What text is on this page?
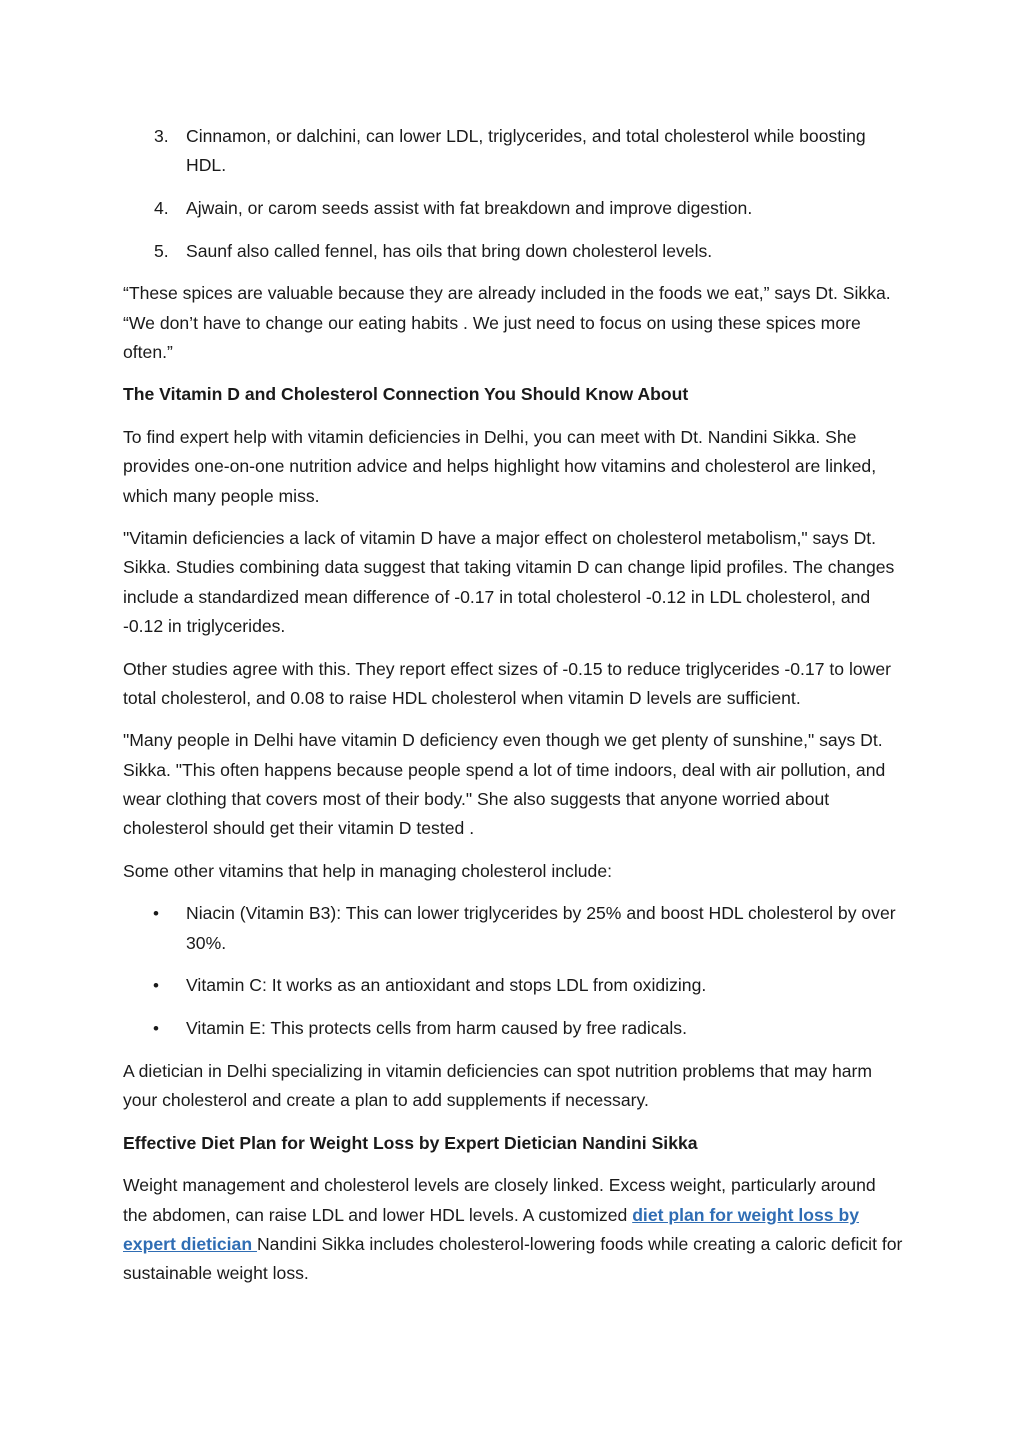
3. Cinnamon, or dalchini, can lower LDL, triglycerides, and total cholesterol while boosting HDL.
4. Ajwain, or carom seeds assist with fat breakdown and improve digestion.
5. Saunf also called fennel, has oils that bring down cholesterol levels.

“These spices are valuable because they are already included in the foods we eat,” says Dt. Sikka. “We don’t have to change our eating habits . We just need to focus on using these spices more often.”

The Vitamin D and Cholesterol Connection You Should Know About

To find expert help with vitamin deficiencies in Delhi, you can meet with Dt. Nandini Sikka. She provides one-on-one nutrition advice and helps highlight how vitamins and cholesterol are linked, which many people miss.

"Vitamin deficiencies a lack of vitamin D have a major effect on cholesterol metabolism," says Dt. Sikka. Studies combining data suggest that taking vitamin D can change lipid profiles. The changes include a standardized mean difference of -0.17 in total cholesterol -0.12 in LDL cholesterol, and -0.12 in triglycerides.

Other studies agree with this. They report effect sizes of -0.15 to reduce triglycerides -0.17 to lower total cholesterol, and 0.08 to raise HDL cholesterol when vitamin D levels are sufficient.

"Many people in Delhi have vitamin D deficiency even though we get plenty of sunshine," says Dt. Sikka. "This often happens because people spend a lot of time indoors, deal with air pollution, and wear clothing that covers most of their body." She also suggests that anyone worried about cholesterol should get their vitamin D tested .

Some other vitamins that help in managing cholesterol include:

• Niacin (Vitamin B3): This can lower triglycerides by 25% and boost HDL cholesterol by over 30%.
• Vitamin C: It works as an antioxidant and stops LDL from oxidizing.
• Vitamin E: This protects cells from harm caused by free radicals.

A dietician in Delhi specializing in vitamin deficiencies can spot nutrition problems that may harm your cholesterol and create a plan to add supplements if necessary.

Effective Diet Plan for Weight Loss by Expert Dietician Nandini Sikka

Weight management and cholesterol levels are closely linked. Excess weight, particularly around the abdomen, can raise LDL and lower HDL levels. A customized diet plan for weight loss by expert dietician Nandini Sikka includes cholesterol-lowering foods while creating a caloric deficit for sustainable weight loss.
